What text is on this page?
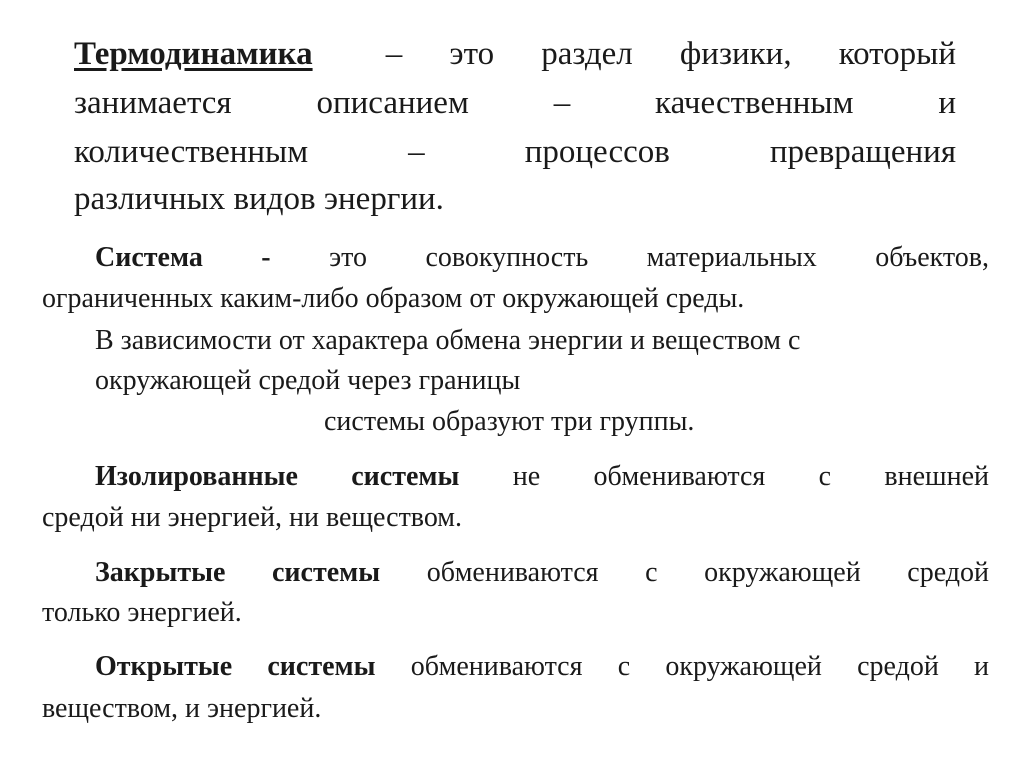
Термодинамика – это раздел физики, который
занимается описанием – качественным и
количественным – процессов превращения
различных видов энергии.
Система - это совокупность материальных объектов,
ограниченных каким-либо образом от окружающей среды.
В зависимости от характера обмена энергии и веществом с
окружающей средой через границы
системы образуют три группы.
Изолированные системы не обмениваются с внешней
средой ни энергией, ни веществом.
Закрытые системы обмениваются с окружающей средой
только энергией.
Открытые системы обмениваются с окружающей средой и
веществом, и энергией.
